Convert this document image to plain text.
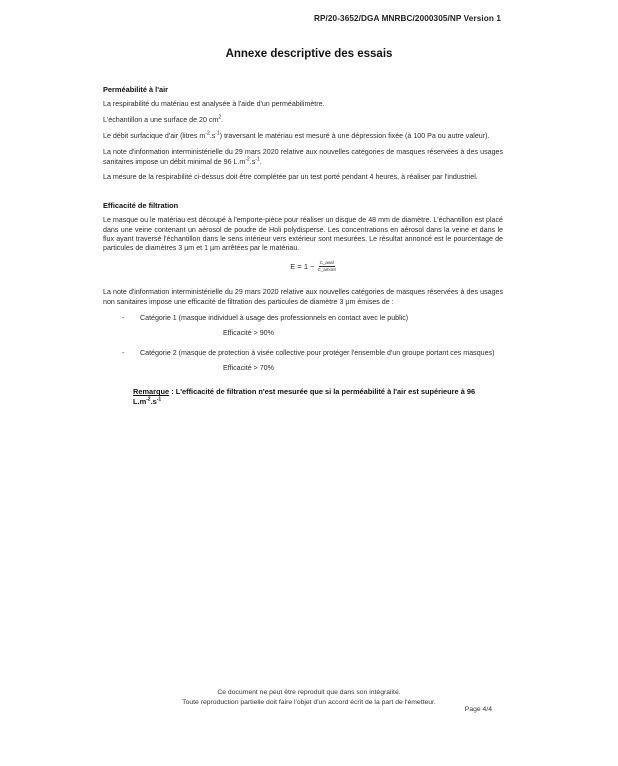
RP/20-3652/DGA MNRBC/2000305/NP Version 1
Annexe descriptive des essais
Perméabilité à l'air

La respirabilité du matériau est analysée à l'aide d'un perméabilimètre.

L'échantillon a une surface de 20 $cm^2$.

Le débit surfacique d'air (litres $m^{-2}.s^{-1}$) traversant le matériau est mesuré à une dépression fixée (à 100 Pa ou autre valeur).

La note d'information interministérielle du 29 mars 2020 relative aux nouvelles catégories de masques réservées à des usages sanitaires impose un débit minimal de 96 $L.m^{-2}.s^{-1}$.

La mesure de la respirabilité ci-dessus doit être complétée par un test porté pendant 4 heures, à réaliser par l'industriel.

Efficacité de filtration

Le masque ou le matériau est découpé à l'emporte-pièce pour réaliser un disque de 48 mm de diamètre. L'échantillon est placé dans une veine contenant un aérosol de poudre de Holi polydisperse. Les concentrations en aérosol dans la veine et dans le flux ayant traversé l'échantillon dans le sens intérieur vers extérieur sont mesurées. Le résultat annoncé est le pourcentage de particules de diamètres 3 µm et 1 µm arrêtées par le matériau.

$E = 1 - \frac{\text{C\_aval}}{\text{C\_amont}}$

La note d'information interministérielle du 29 mars 2020 relative aux nouvelles catégories de masques réservées à des usages non sanitaires impose une efficacité de filtration des particules de diamètre 3 µm émises de :

- Catégorie 1 (masque individuel à usage des professionnels en contact avec le public)
Efficacité > 90%
- Catégorie 2 (masque de protection à visée collective pour protéger l'ensemble d'un groupe portant ces masques)
Efficacité > 70%
Remarque : L'efficacité de filtration n'est mesurée que si la perméabilité à l'air est supérieure à 96 $L.m^{-2}.s^{-1}$
Ce document ne peut être reproduit que dans son intégralité.
Toute reproduction partielle doit faire l'objet d'un accord écrit de la part de l'émetteur.
Page 4/4
